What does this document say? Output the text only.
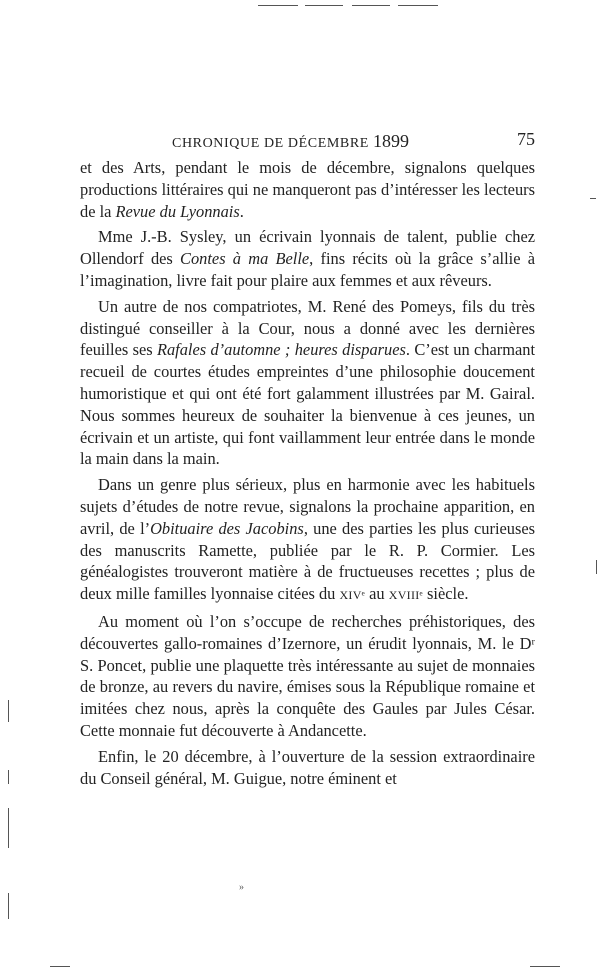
CHRONIQUE DE DÉCEMBRE 1899	75

et des Arts, pendant le mois de décembre, signalons quelques productions littéraires qui ne manqueront pas d’intéresser les lecteurs de la Revue du Lyonnais.

Mme J.-B. Sysley, un écrivain lyonnais de talent, publie chez Ollendorf des Contes à ma Belle, fins récits où la grâce s’allie à l’imagination, livre fait pour plaire aux femmes et aux rêveurs.

Un autre de nos compatriotes, M. René des Pomeys, fils du très distingué conseiller à la Cour, nous a donné avec les dernières feuilles ses Rafales d’automne ; heures disparues. C’est un charmant recueil de courtes études empreintes d’une philosophie doucement humoristique et qui ont été fort galamment illustrées par M. Gairal. Nous sommes heureux de souhaiter la bienvenue à ces jeunes, un écrivain et un artiste, qui font vaillamment leur entrée dans le monde la main dans la main.

Dans un genre plus sérieux, plus en harmonie avec les habituels sujets d’études de notre revue, signalons la prochaine apparition, en avril, de l’Obituaire des Jacobins, une des parties les plus curieuses des manuscrits Ramette, publiée par le R. P. Cormier. Les généalogistes trouveront matière à de fructueuses recettes ; plus de deux mille familles lyonnaise citées du XIVᵉ au XVIIIᵉ siècle.

Au moment où l’on s’occupe de recherches préhistoriques, des découvertes gallo-romaines d’Izernore, un érudit lyonnais, M. le Dʳ S. Poncet, publie une plaquette très intéressante au sujet de monnaies de bronze, au revers du navire, émises sous la République romaine et imitées chez nous, après la conquête des Gaules par Jules César. Cette monnaie fut découverte à Andancette.

Enfin, le 20 décembre, à l’ouverture de la session extraordinaire du Conseil général, M. Guigue, notre éminent et

»
